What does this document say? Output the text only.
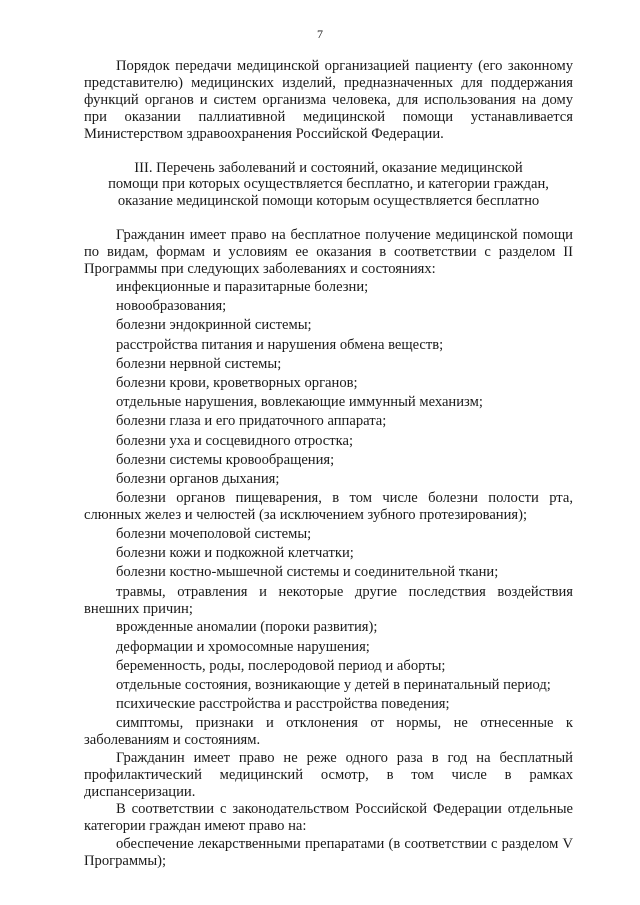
7

Порядок передачи медицинской организацией пациенту (его законному представителю) медицинских изделий, предназначенных для поддержания функций органов и систем организма человека, для использования на дому при оказании паллиативной медицинской помощи устанавливается Министерством здравоохранения Российской Федерации.

III. Перечень заболеваний и состояний, оказание медицинской
помощи при которых осуществляется бесплатно, и категории граждан,
оказание медицинской помощи которым осуществляется бесплатно

Гражданин имеет право на бесплатное получение медицинской помощи по видам, формам и условиям ее оказания в соответствии с разделом II Программы при следующих заболеваниях и состояниях:

инфекционные и паразитарные болезни;

новообразования;

болезни эндокринной системы;

расстройства питания и нарушения обмена веществ;

болезни нервной системы;

болезни крови, кроветворных органов;

отдельные нарушения, вовлекающие иммунный механизм;

болезни глаза и его придаточного аппарата;

болезни уха и сосцевидного отростка;

болезни системы кровообращения;

болезни органов дыхания;

болезни органов пищеварения, в том числе болезни полости рта, слюнных желез и челюстей (за исключением зубного протезирования);

болезни мочеполовой системы;

болезни кожи и подкожной клетчатки;

болезни костно-мышечной системы и соединительной ткани;

травмы, отравления и некоторые другие последствия воздействия внешних причин;

врожденные аномалии (пороки развития);

деформации и хромосомные нарушения;

беременность, роды, послеродовой период и аборты;

отдельные состояния, возникающие у детей в перинатальный период;

психические расстройства и расстройства поведения;

симптомы, признаки и отклонения от нормы, не отнесенные к заболеваниям и состояниям.

Гражданин имеет право не реже одного раза в год на бесплатный профилактический медицинский осмотр, в том числе в рамках диспансеризации.

В соответствии с законодательством Российской Федерации отдельные категории граждан имеют право на:

обеспечение лекарственными препаратами (в соответствии с разделом V Программы);
